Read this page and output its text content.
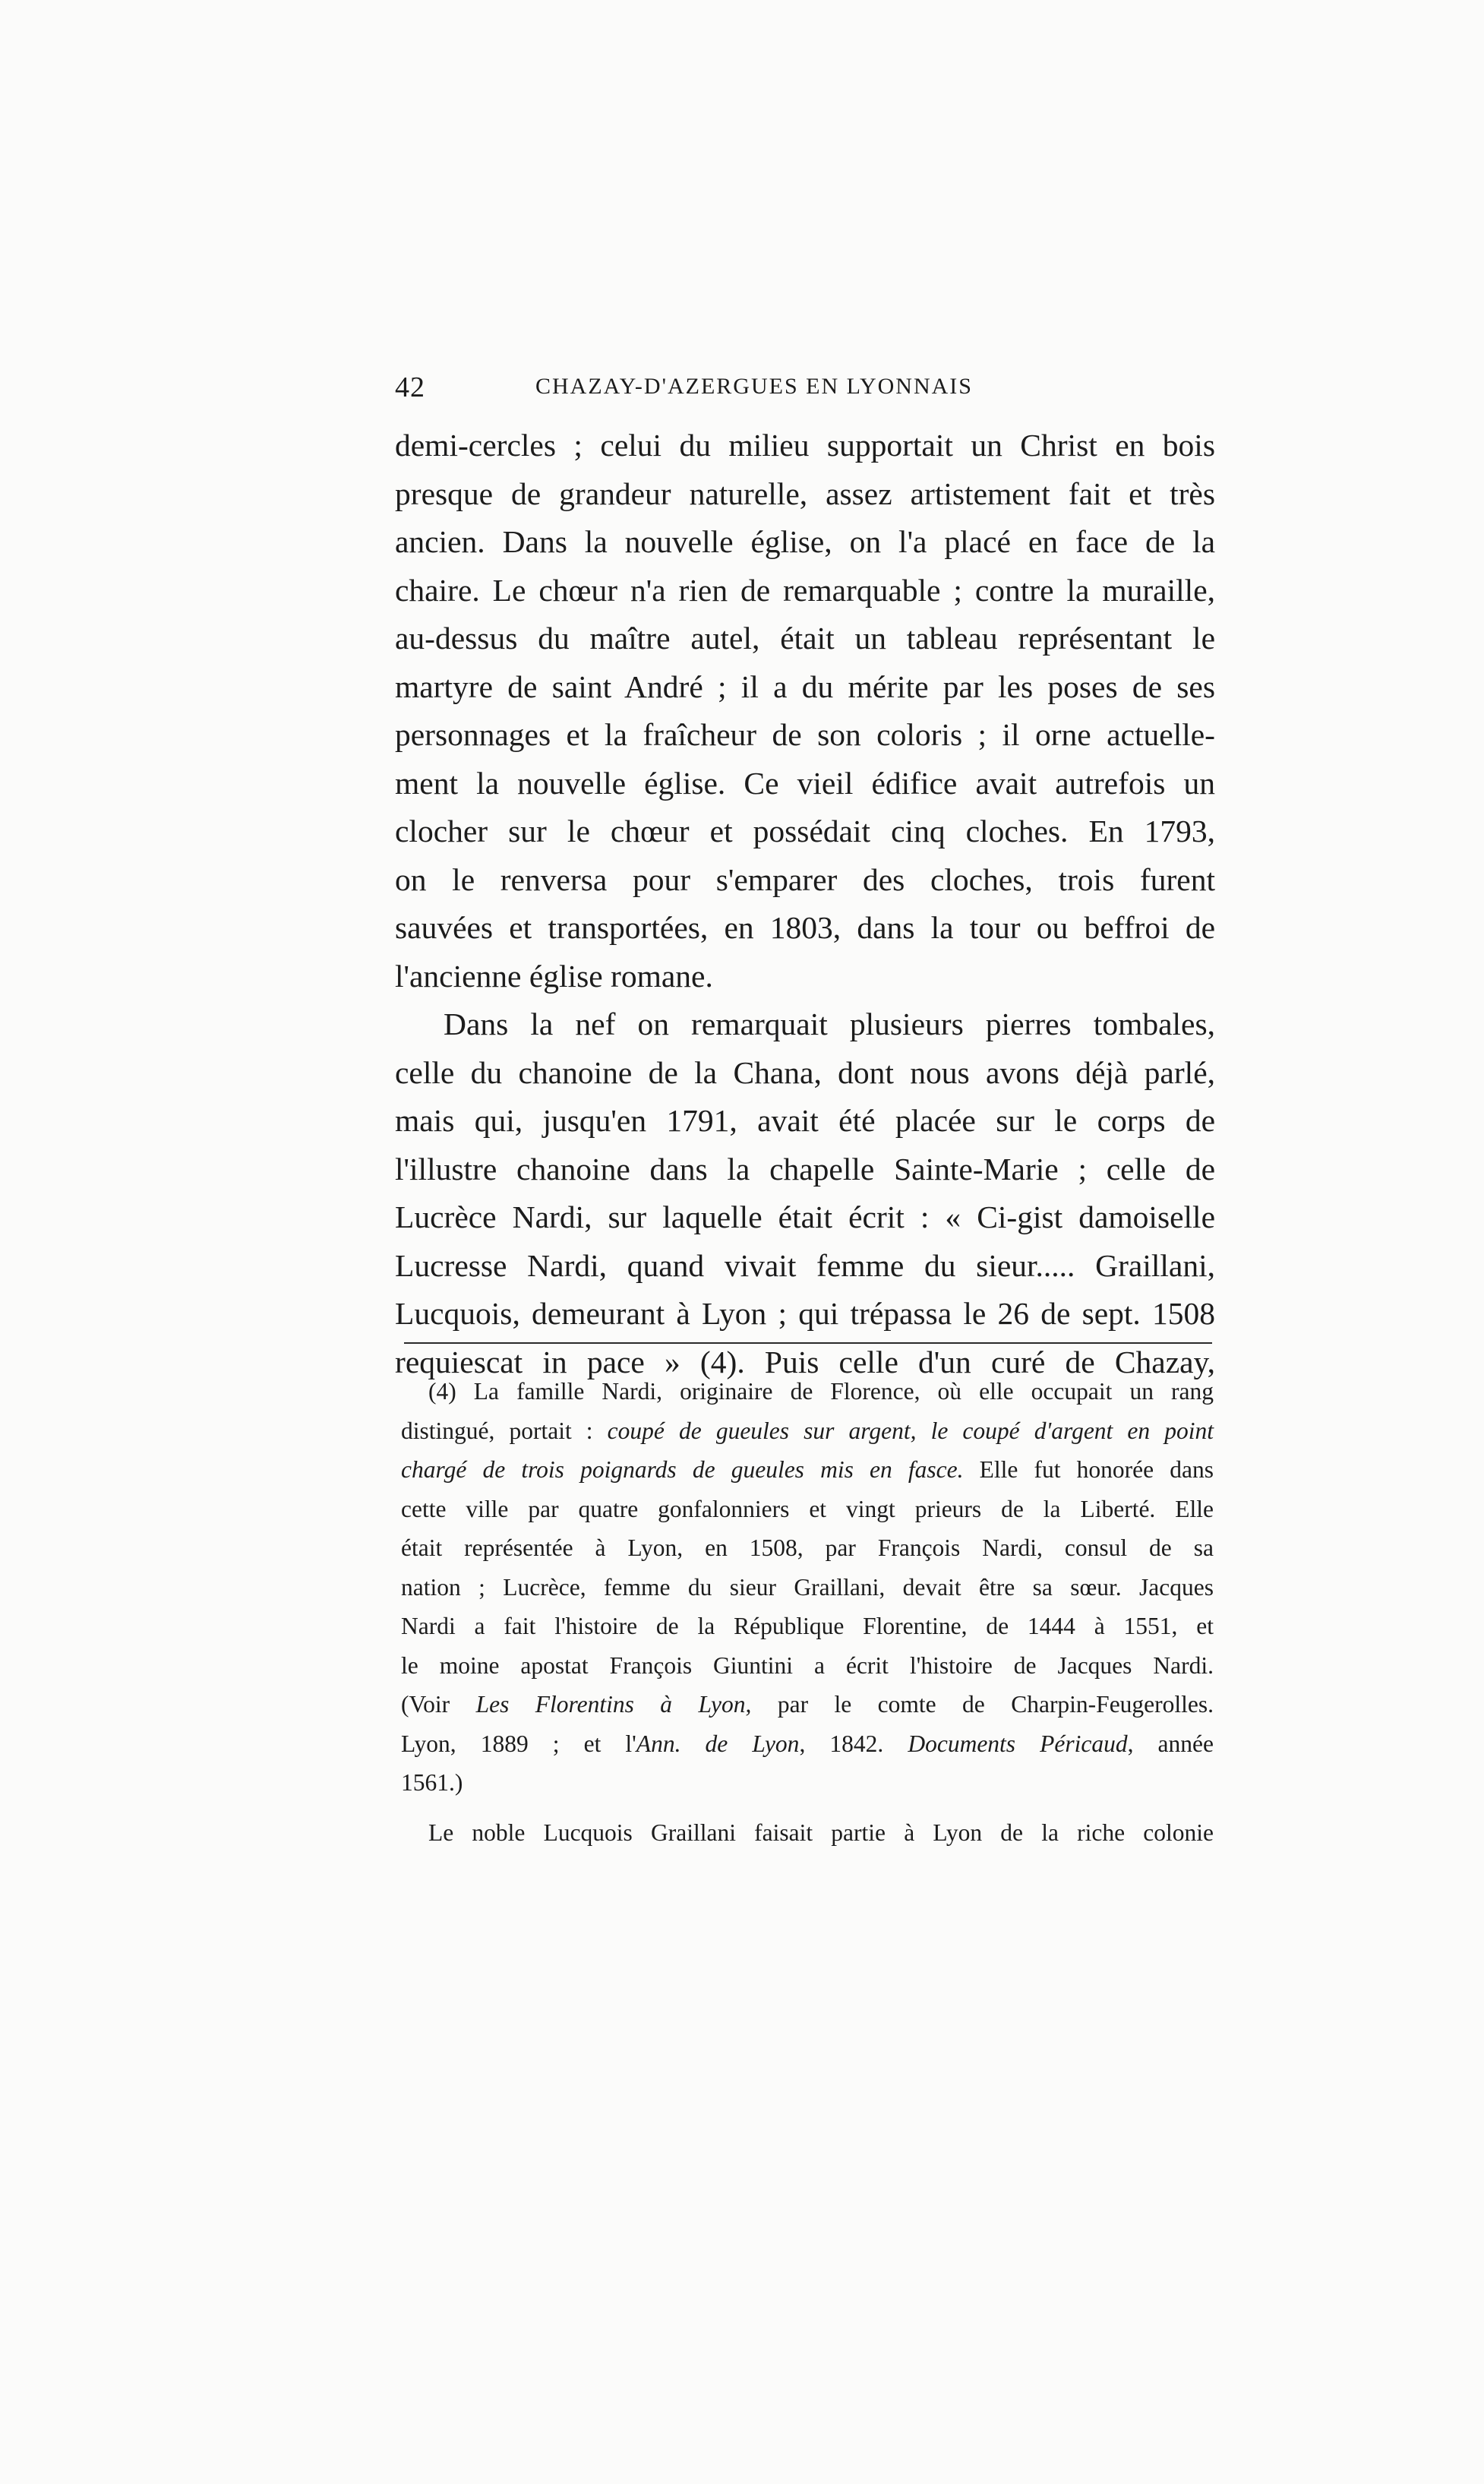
42	CHAZAY-D'AZERGUES EN LYONNAIS
demi-cercles ; celui du milieu supportait un Christ en bois
presque de grandeur naturelle, assez artistement fait et très
ancien. Dans la nouvelle église, on l'a placé en face de la
chaire. Le chœur n'a rien de remarquable ; contre la muraille,
au-dessus du maître autel, était un tableau représentant le
martyre de saint André ; il a du mérite par les poses de ses
personnages et la fraîcheur de son coloris ; il orne actuelle-
ment la nouvelle église. Ce vieil édifice avait autrefois un
clocher sur le chœur et possédait cinq cloches. En 1793,
on le renversa pour s'emparer des cloches, trois furent
sauvées et transportées, en 1803, dans la tour ou beffroi de
l'ancienne église romane.
Dans la nef on remarquait plusieurs pierres tombales,
celle du chanoine de la Chana, dont nous avons déjà parlé,
mais qui, jusqu'en 1791, avait été placée sur le corps de
l'illustre chanoine dans la chapelle Sainte-Marie ; celle de
Lucrèce Nardi, sur laquelle était écrit : « Ci-gist damoiselle
Lucresse Nardi, quand vivait femme du sieur..... Graillani,
Lucquois, demeurant à Lyon ; qui trépassa le 26 de sept. 1508
requiescat in pace » (4). Puis celle d'un curé de Chazay,
(4) La famille Nardi, originaire de Florence, où elle occupait un rang
distingué, portait : coupé de gueules sur argent, le coupé d'argent en point
chargé de trois poignards de gueules mis en fasce. Elle fut honorée dans
cette ville par quatre gonfalonniers et vingt prieurs de la Liberté. Elle
était représentée à Lyon, en 1508, par François Nardi, consul de sa
nation ; Lucrèce, femme du sieur Graillani, devait être sa sœur. Jacques
Nardi a fait l'histoire de la République Florentine, de 1444 à 1551, et
le moine apostat François Giuntini a écrit l'histoire de Jacques Nardi.
(Voir Les Florentins à Lyon, par le comte de Charpin-Feugerolles.
Lyon, 1889 ; et l'Ann. de Lyon, 1842. Documents Péricaud, année
1561.)
Le noble Lucquois Graillani faisait partie à Lyon de la riche colonie
